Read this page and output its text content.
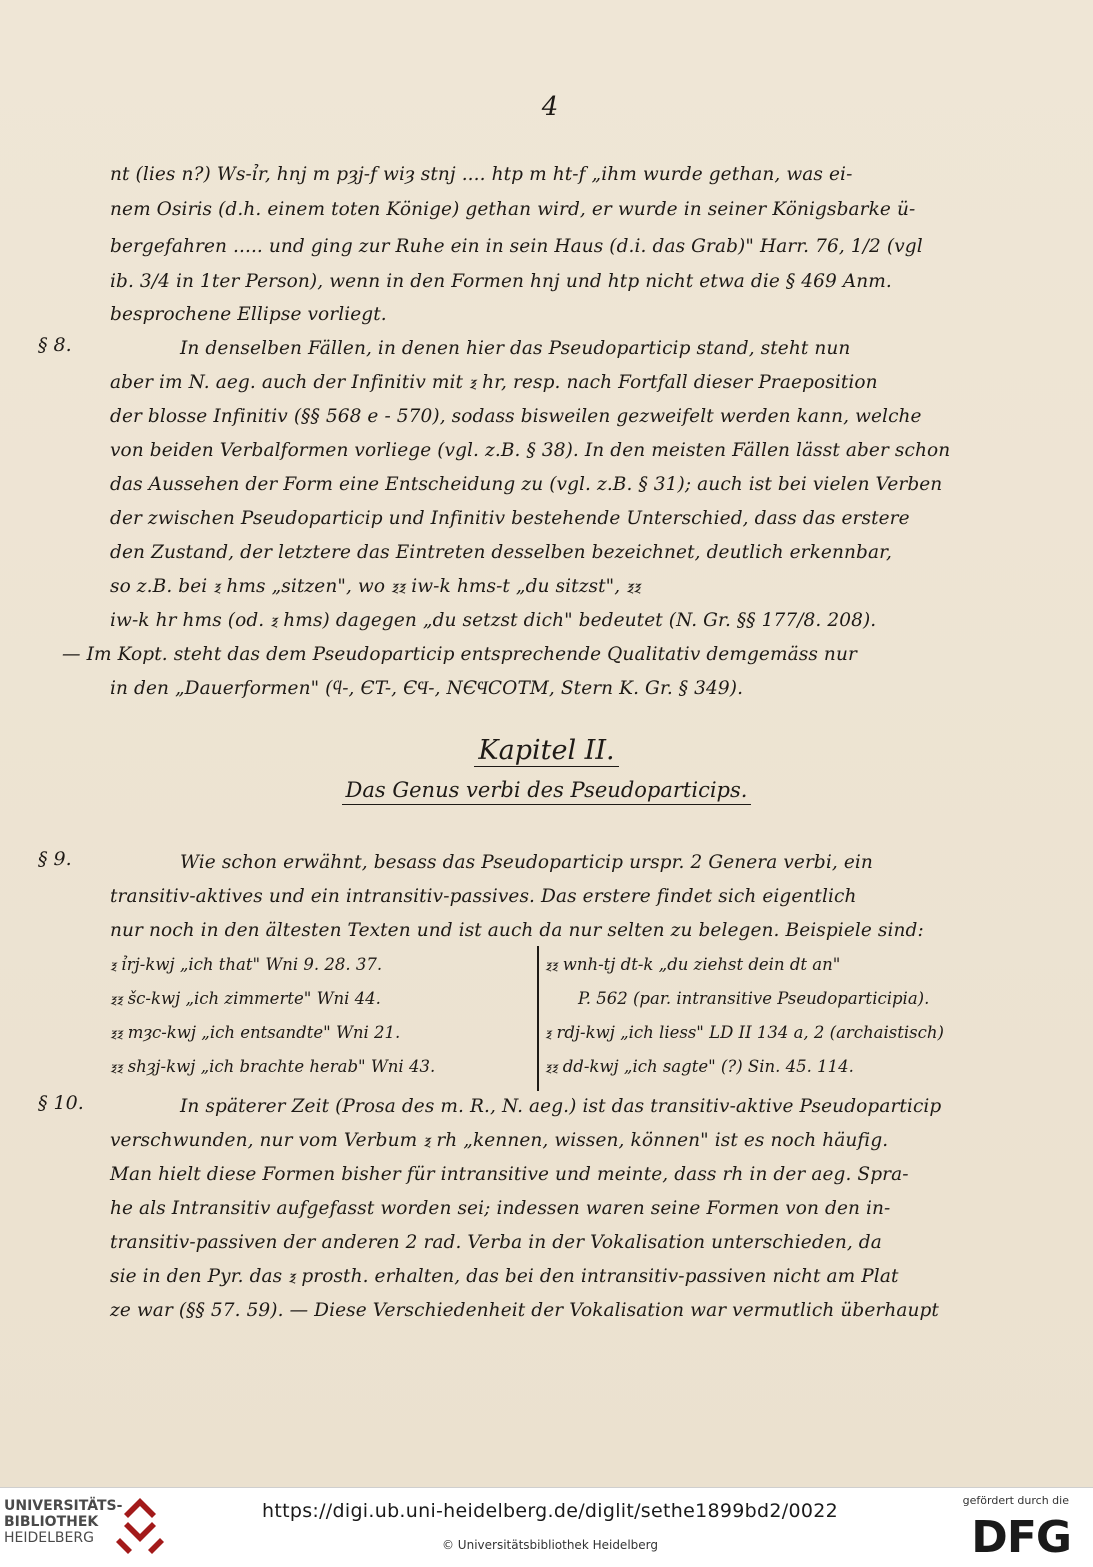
4
nt (lies n?) Ws-ỉr, hnj m pȝj-f wiȝ stnj .... htp m ht-f „ihm wurde gethan, was ei-
nem Osiris (d.h. einem toten Könige) gethan wird, er wurde in seiner Königsbarke ü-
bergefahren ..... und ging zur Ruhe ein in sein Haus (d.i. das Grab)" Harr. 76, 1/2 (vgl
ib. 3/4 in 1ter Person), wenn in den Formen hnj und htp nicht etwa die § 469 Anm.
besprochene Ellipse vorliegt.
§ 8.	In denselben Fällen, in denen hier das Pseudoparticip stand, steht nun
aber im N. aeg. auch der Infinitiv mit ⲝ hr, resp. nach Fortfall dieser Praeposition
der blosse Infinitiv (§§ 568 e - 570), sodass bisweilen gezweifelt werden kann, welche
von beiden Verbalformen vorliege (vgl. z.B. § 38). In den meisten Fällen lässt aber schon
das Aussehen der Form eine Entscheidung zu (vgl. z.B. § 31); auch ist bei vielen Verben
der zwischen Pseudoparticip und Infinitiv bestehende Unterschied, dass das erstere
den Zustand, der letztere das Eintreten desselben bezeichnet, deutlich erkennbar,
so z.B. bei ⲝ hms „sitzen", wo ⲝⲝ iw-k hms-t „du sitzst", ⲝⲝ
iw-k hr hms (od. ⲝ hms) dagegen „du setzst dich" bedeutet (N. Gr. §§ 177/8. 208).
— Im Kopt. steht das dem Pseudoparticip entsprechende Qualitativ demgemäss nur
in den „Dauerformen" (ϥ-, ЄT-, ЄϤ-, NЄϤCOTM, Stern K. Gr. § 349).
Kapitel II.
Das Genus verbi des Pseudoparticips.
§ 9.	Wie schon erwähnt, besass das Pseudoparticip urspr. 2 Genera verbi, ein
transitiv-aktives und ein intransitiv-passives. Das erstere findet sich eigentlich
nur noch in den ältesten Texten und ist auch da nur selten zu belegen. Beispiele sind:
ⲝ ỉrj-kwj „ich that" Wni 9. 28. 37.
ⲝⲝ šc-kwj „ich zimmerte" Wni 44.
ⲝⲝ mȝc-kwj „ich entsandte" Wni 21.
ⲝⲝ shȝj-kwj „ich brachte herab" Wni 43.
ⲝⲝ wnh-tj dt-k „du ziehst dein dt an"
P. 562 (par. intransitive Pseudoparticipia).
ⲝ rdj-kwj „ich liess" LD II 134 a, 2 (archaistisch)
ⲝⲝ dd-kwj „ich sagte" (?) Sin. 45. 114.
§ 10.	In späterer Zeit (Prosa des m. R., N. aeg.) ist das transitiv-aktive Pseudoparticip
verschwunden, nur vom Verbum ⲝ rh „kennen, wissen, können" ist es noch häufig.
Man hielt diese Formen bisher für intransitive und meinte, dass rh in der aeg. Spra-
he als Intransitiv aufgefasst worden sei; indessen waren seine Formen von den in-
transitiv-passiven der anderen 2 rad. Verba in der Vokalisation unterschieden, da
sie in den Pyr. das ⲝ prosth. erhalten, das bei den intransitiv-passiven nicht am Plat
ze war (§§ 57. 59). — Diese Verschiedenheit der Vokalisation war vermutlich überhaupt
UNIVERSITÄTS-
BIBLIOTHEK
HEIDELBERG
https://digi.ub.uni-heidelberg.de/diglit/sethe1899bd2/0022
© Universitätsbibliothek Heidelberg
gefördert durch die
DFG
